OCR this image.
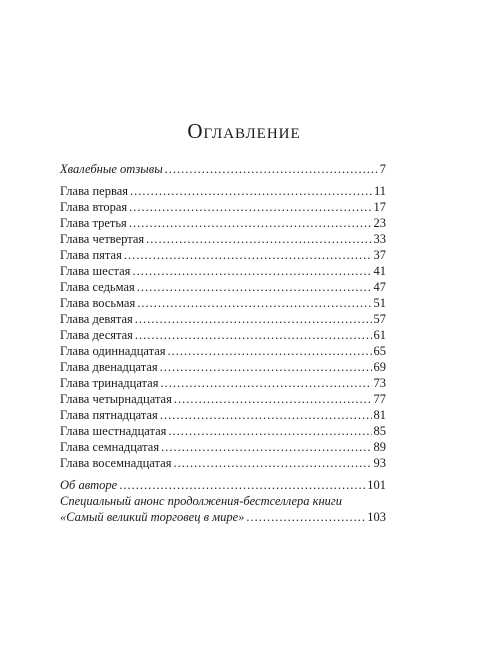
Оглавление
Хвалебные отзывы .....	7
Глава первая .....	11
Глава вторая .....	17
Глава третья .....	23
Глава четвертая .....	33
Глава пятая .....	37
Глава шестая .....	41
Глава седьмая .....	47
Глава восьмая .....	51
Глава девятая .....	57
Глава десятая .....	61
Глава одиннадцатая .....	65
Глава двенадцатая .....	69
Глава тринадцатая .....	73
Глава четырнадцатая .....	77
Глава пятнадцатая .....	81
Глава шестнадцатая .....	85
Глава семнадцатая .....	89
Глава восемнадцатая .....	93
Об авторе .....	101
Специальный анонс продолжения-бестселлера книги
«Самый великий торговец в мире» .....	103
